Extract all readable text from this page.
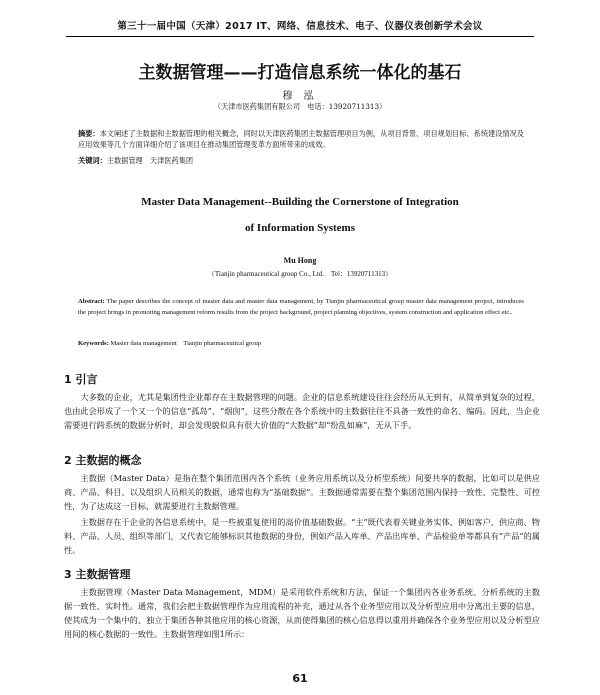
第三十一届中国（天津）2017 IT、网络、信息技术、电子、仪器仪表创新学术会议
主数据管理——打造信息系统一体化的基石
穆 泓
（天津市医药集团有限公司　电话：13920711313）
摘要：本文阐述了主数据和主数据管理的相关概念，同时以天津医药集团主数据管理项目为例，从项目背景、项目规划目标、系统建设情况及应用效果等几个方面详细介绍了该项目在推动集团管理变革方面所带来的成效。
关键词：主数据管理　天津医药集团
Master Data Management--Building the Cornerstone of Integration
of Information Systems
Mu Hong
（Tianjin pharmaceutical group Co., Ltd.　Tel：13920711313）
Abstract: The paper describes the concept of master data and master data management, by Tianjin pharmaceutical group master data management project, introduces the project brings in promoting management reform results from the project background, project planning objectives, system construction and application effect etc..
Keywords: Master data management　Tianjin pharmaceutical group
1 引言
大多数的企业，尤其是集团性企业都存在主数据管理的问题。企业的信息系统建设往往会经历从无到有，从简单到复杂的过程，也由此会形成了一个又一个的信息“孤岛”、“烟囱”，这些分散在各个系统中的主数据往往不具备一致性的命名、编码。因此，当企业需要进行跨系统的数据分析时，却会发现貌似具有很大价值的“大数据”却“纷乱如麻”，无从下手。
2 主数据的概念
主数据（Master Data）是指在整个集团范围内各个系统（业务应用系统以及分析型系统）间要共享的数据，比如可以是供应商、产品、科目、以及组织人员相关的数据，通常也称为“基础数据”。主数据通常需要在整个集团范围内保持一致性、完整性、可控性，为了达成这一目标，就需要进行主数据管理。
主数据存在于企业的各信息系统中，是一些被重复使用的高价值基础数据。“主”既代表着关键业务实体，例如客户、供应商、物料、产品、人员、组织等部门，又代表它能够标识其他数据的身份，例如产品入库单、产品出库单、产品检验单等都具有“产品”的属性。
3 主数据管理
主数据管理（Master Data Management，MDM）是采用软件系统和方法，保证一个集团内各业务系统、分析系统的主数据一致性、实时性。通常，我们会把主数据管理作为应用流程的补充，通过从各个业务型应用以及分析型应用中分离出主要的信息，使其成为一个集中的、独立于集团各种其他应用的核心资源，从而使得集团的核心信息得以重用并确保各个业务型应用以及分析型应用间的核心数据的一致性。主数据管理如图1所示：
61
